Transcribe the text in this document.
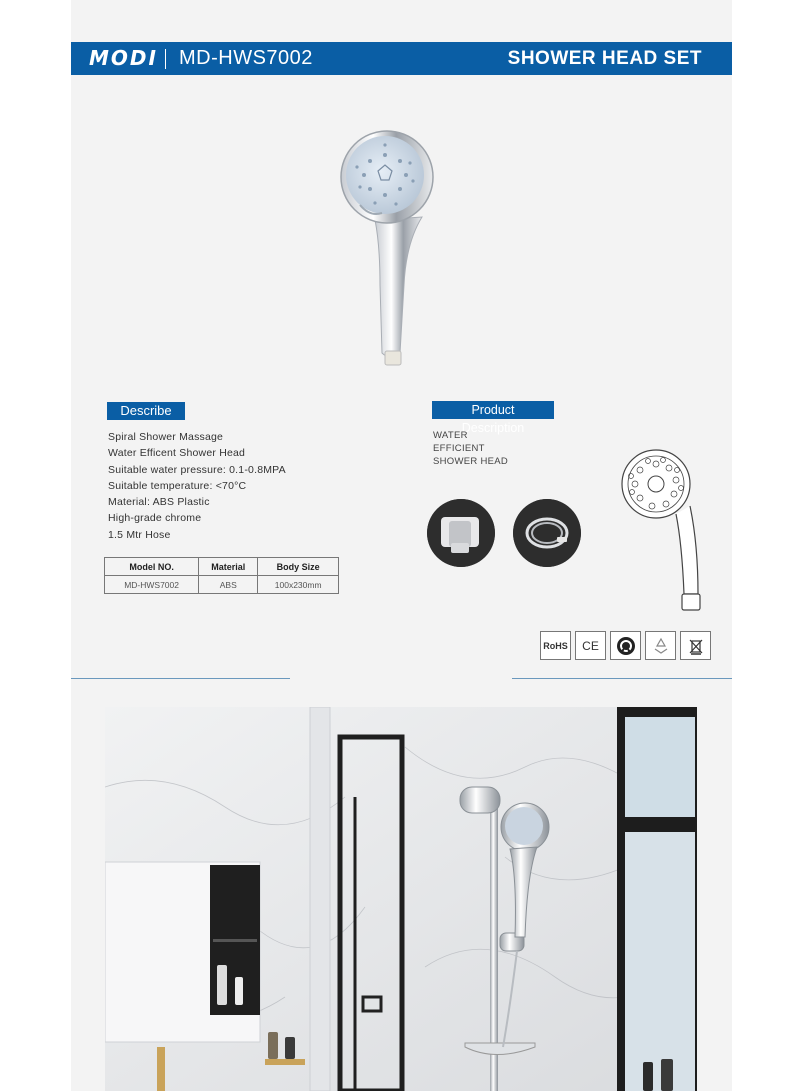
MODI MD-HWS7002	SHOWER HEAD SET
Describe
Spiral Shower Massage
Water Efficent Shower Head
Suitable water pressure: 0.1-0.8MPA
Suitable temperature: <70°C
Material: ABS Plastic
High-grade chrome
1.5 Mtr Hose
Model NO.	Material	Body Size
MD-HWS7002	ABS	100x230mm
Product Description
WATER
EFFICIENT
SHOWER HEAD
RoHS	CE
